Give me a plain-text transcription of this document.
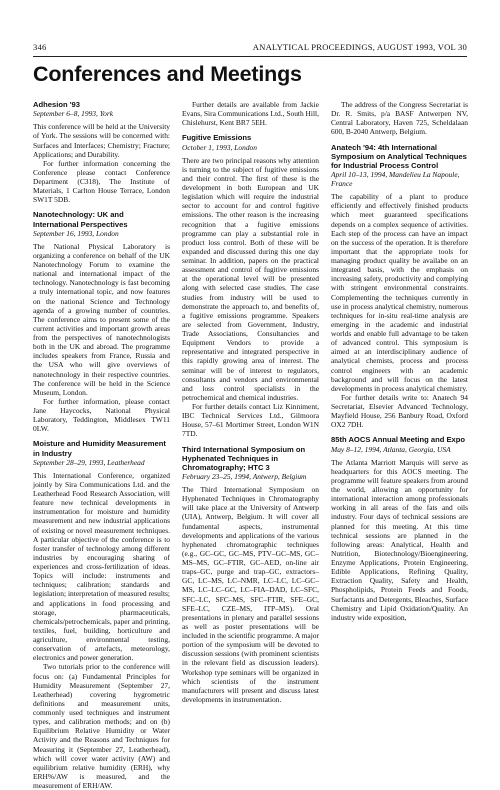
346	ANALYTICAL PROCEEDINGS, AUGUST 1993, VOL 30
Conferences and Meetings
Adhesion '93
September 6–8, 1993, York

This conference will be held at the University of York. The sessions will be concerned with: Surfaces and Interfaces; Chemistry; Fracture; Applications; and Durability.

For further information concerning the Conference please contact Conference Department (C318), The Institute of Materials, 1 Carlton House Terrace, London SW1T 5DB.

Nanotechnology: UK and International Perspectives
September 16, 1993, London

The National Physical Laboratory is organizing a conference on behalf of the UK Nanotechnology Forum to examine the national and international impact of the technology. Nanotechnology is fast becoming a truly international topic, and now features on the national Science and Technology agenda of a growing number of countries. The conference aims to present some of the current activities and important growth areas from the perspectives of nanotechnologists both in the UK and abroad. The programme includes speakers from France, Russia and the USA who will give overviews of nanotechnology in their respective countries. The conference will be held in the Science Museum, London.

For further information, please contact Jane Haycocks, National Physical Laboratory, Teddington, Middlesex TW11 0LW.

Moisture and Humidity Measurement in Industry
September 28–29, 1993, Leatherhead

This International Conference, organized jointly by Sira Communications Ltd. and the Leatherhead Food Research Association, will feature new technical developments in instrumentation for moisture and humidity measurement and new industrial applications of existing or novel measurement techniques. A particular objective of the conference is to foster transfer of technology among different industries by encouraging sharing of experiences and cross-fertilization of ideas. Topics will include: instruments and techniques; calibration; standards and legislation; interpretation of measured results; and applications in food processing and storage, pharmaceuticals, chemicals/petrochemicals, paper and printing, textiles, fuel, building, horticulture and agriculture, environmental testing, conservation of artefacts, meteorology, electronics and power generation.

Two tutorials prior to the conference will focus on: (a) Fundamental Principles for Humidity Measurement (September 27, Leatherhead) covering hygrometric definitions and measurement units, commonly used techniques and instrument types, and calibration methods; and on (b) Equilibrium Relative Humidity or Water Activity and the Reasons and Techniques for Measuring it (September 27, Leatherhead), which will cover water activity (AW) and equilibrium relative humidity (ERH), why ERH%/AW is measured, and the measurement of ERH/AW.

Further details are available from Jackie Evans, Sira Communications Ltd., South Hill, Chislehurst, Kent BR7 5EH.

Fugitive Emissions
October 1, 1993, London

There are two principal reasons why attention is turning to the subject of fugitive emissions and their control. The first of these is the development in both European and UK legislation which will require the industrial sector to account for and control fugitive emissions. The other reason is the increasing recognition that a fugitive emissions programme can play a substantial role in product loss control. Both of these will be expanded and discussed during this one day seminar. In addition, papers on the practical assessment and control of fugitive emissions at the operational level will be presented along with selected case studies. The case studies from industry will be used to demonstrate the approach to, and benefits of, a fugitive emissions programme. Speakers are selected from Government, Industry, Trade Associations, Consultancies and Equipment Vendors to provide a representative and integrated perspective in this rapidly growing area of interest. The seminar will be of interest to regulators, consultants and vendors and environmental and loss control specialists in the petrochemical and chemical industries.

For further details contact Liz Kinniment, IBC Technical Services Ltd., Gilmoora House, 57–61 Mortimer Street, London W1N 7TD.

Third International Symposium on Hyphenated Techniques in Chromatography; HTC 3
February 23–25, 1994, Antwerp, Belgium

The Third International Symposium on Hyphenated Techniques in Chromatography will take place at the University of Antwerp (UIA), Antwerp, Belgium. It will cover all fundamental aspects, instrumental developments and applications of the various hyphenated chromatographic techniques (e.g., GC–GC, GC–MS, PTV–GC–MS, GC–MS–MS, GC–FTIR, GC–AED, on-line air traps–GC, purge and trap–GC, extractors–GC, LC–MS, LC–NMR, LC–LC, LC–GC–MS, LC–LC–GC, LC–FIA–DAD, LC–SFC, SFC–LC, SFC–MS, SFC–FTIR, SFE–GC, SFE–LC, CZE–MS, ITP–MS). Oral presentations in plenary and parallel sessions as well as poster presentations will be included in the scientific programme. A major portion of the symposium will be devoted to discussion sessions (with prominent scientists in the relevant field as discussion leaders). Workshop type seminars will be organized in which scientists of the instrument manufacturers will present and discuss latest developments in instrumentation.

The address of the Congress Secretariat is Dr. R. Smits, p/a BASF Antwerpen NV, Central Laboratory, Haven 725, Scheldalaan 600, B-2040 Antwerp, Belgium.

Anatech '94: 4th International Symposium on Analytical Techniques for Industrial Process Control
April 10–13, 1994, Mandelieu La Napoule, France

The capability of a plant to produce efficiently and effectively finished products which meet guaranteed specifications depends on a complex sequence of activities. Each step of the process can have an impact on the success of the operation. It is therefore important that the appropriate tools for managing product quality be availabe on an integrated basis, with the emphasis on increasing safety, productivity and complying with stringent environmental constraints. Complementing the techniques currently in use in process analytical chemistry, numerous techniques for in-situ real-time analysis are emerging in the academic and industrial worlds and enable full advantage to be taken of advanced control. This symposium is aimed at an interdisciplinary audience of analytical chemists, process and process control engineers with an academic background and will focus on the latest developments in process analytical chemistry.

For further details write to: Anatech 94 Secretariat, Elsevier Advanced Technology, Mayfield House, 256 Banbury Road, Oxford OX2 7DH.

85th AOCS Annual Meeting and Expo
May 8–12, 1994, Atlanta, Georgia, USA

The Atlanta Marriott Marquis will serve as headquarters for this AOCS meeting. The programme will feature speakers from around the world, allowing an opportunity for international interaction among professionals working in all areas of the fats and oils industry. Four days of technical sessions are planned for this meeting. At this time technical sessions are planned in the following areas: Analytical, Health and Nutrition, Biotechnology/Bioengineering, Enzyme Applications, Protein Engineering, Edible Applications, Refining Quality, Extraction Quality, Safety and Health, Phospholipids, Protein Feeds and Foods, Surfactants and Detergents, Bleaches, Surface Chemistry and Lipid Oxidation/Quality. An industry wide exposition,
